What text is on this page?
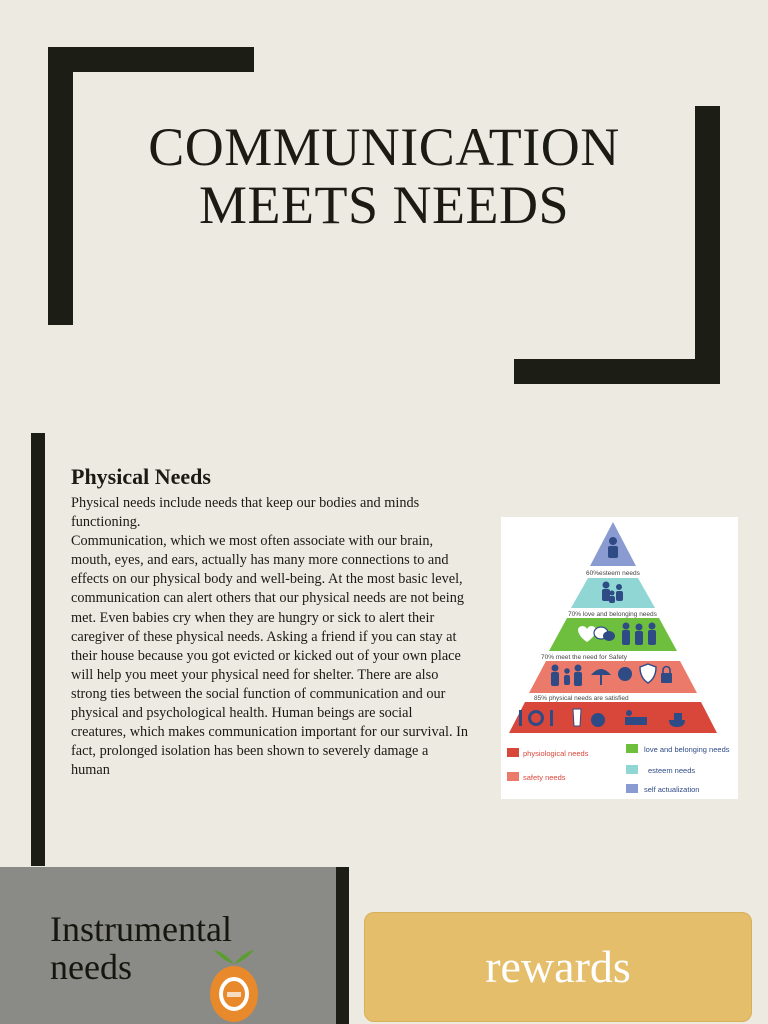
COMMUNICATION
MEETS NEEDS
Physical Needs

Physical needs include needs that keep our bodies and minds functioning.

Communication, which we most often associate with our brain, mouth, eyes, and ears, actually has many more connections to and effects on our physical body and well-being. At the most basic level, communication can alert others that our physical needs are not being met. Even babies cry when they are hungry or sick to alert their caregiver of these physical needs. Asking a friend if you can stay at their house because you got evicted or kicked out of your own place will help you meet your physical need for shelter. There are also strong ties between the social function of communication and our physical and psychological health. Human beings are social creatures, which makes communication important for our survival. In fact, prolonged isolation has been shown to severely damage a

human

60%esteem needs
70% love and belonging needs
70% meet the need for Safety
85% physical needs are satisfied
physiological needs	love and belonging needs
safety needs
esteem needs
self actualization
Instrumental
needs	rewards
